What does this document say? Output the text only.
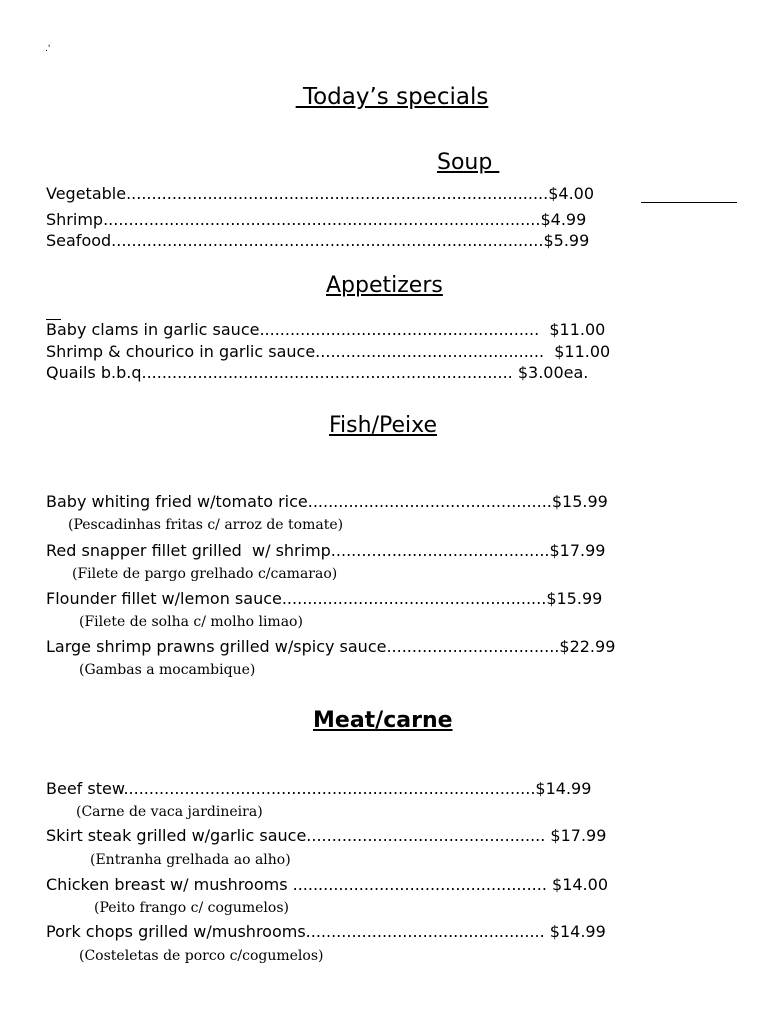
.'
Today’s specials
Soup
Vegetable...................................................................................$4.00
Shrimp......................................................................................$4.99
Seafood.....................................................................................$5.99
Appetizers
Baby clams in garlic sauce.......................................................  $11.00
Shrimp & chourico in garlic sauce.............................................  $11.00
Quails b.b.q......................................................................... $3.00ea.
Fish/Peixe
Baby whiting fried w/tomato rice................................................$15.99
(Pescadinhas fritas c/ arroz de tomate)
Red snapper fillet grilled  w/ shrimp...........................................$17.99
(Filete de pargo grelhado c/camarao)
Flounder fillet w/lemon sauce....................................................$15.99
(Filete de solha c/ molho limao)
Large shrimp prawns grilled w/spicy sauce..................................$22.99
(Gambas a mocambique)
Meat/carne
Beef stew.................................................................................$14.99
(Carne de vaca jardineira)
Skirt steak grilled w/garlic sauce............................................... $17.99
(Entranha grelhada ao alho)
Chicken breast w/ mushrooms .................................................. $14.00
(Peito frango c/ cogumelos)
Pork chops grilled w/mushrooms............................................... $14.99
(Costeletas de porco c/cogumelos)
